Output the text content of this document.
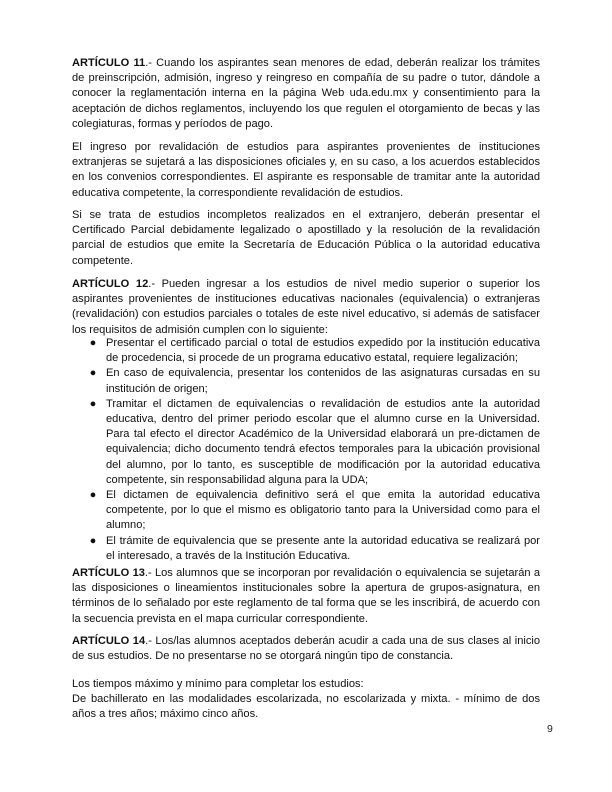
ARTÍCULO 11.- Cuando los aspirantes sean menores de edad, deberán realizar los trámites de preinscripción, admisión, ingreso y reingreso en compañía de su padre o tutor, dándole a conocer la reglamentación interna en la página Web uda.edu.mx y consentimiento para la aceptación de dichos reglamentos, incluyendo los que regulen el otorgamiento de becas y las colegiaturas, formas y períodos de pago.

El ingreso por revalidación de estudios para aspirantes provenientes de instituciones extranjeras se sujetará a las disposiciones oficiales y, en su caso, a los acuerdos establecidos en los convenios correspondientes. El aspirante es responsable de tramitar ante la autoridad educativa competente, la correspondiente revalidación de estudios.

Si se trata de estudios incompletos realizados en el extranjero, deberán presentar el Certificado Parcial debidamente legalizado o apostillado y la resolución de la revalidación parcial de estudios que emite la Secretaría de Educación Pública o la autoridad educativa competente.

ARTÍCULO 12.- Pueden ingresar a los estudios de nivel medio superior o superior los aspirantes provenientes de instituciones educativas nacionales (equivalencia) o extranjeras (revalidación) con estudios parciales o totales de este nivel educativo, si además de satisfacer los requisitos de admisión cumplen con lo siguiente:

● Presentar el certificado parcial o total de estudios expedido por la institución educativa de procedencia, si procede de un programa educativo estatal, requiere legalización;
● En caso de equivalencia, presentar los contenidos de las asignaturas cursadas en su institución de origen;
● Tramitar el dictamen de equivalencias o revalidación de estudios ante la autoridad educativa, dentro del primer periodo escolar que el alumno curse en la Universidad. Para tal efecto el director Académico de la Universidad elaborará un pre-dictamen de equivalencia; dicho documento tendrá efectos temporales para la ubicación provisional del alumno, por lo tanto, es susceptible de modificación por la autoridad educativa competente, sin responsabilidad alguna para la UDA;
● El dictamen de equivalencia definitivo será el que emita la autoridad educativa competente, por lo que el mismo es obligatorio tanto para la Universidad como para el alumno;
● El trámite de equivalencia que se presente ante la autoridad educativa se realizará por el interesado, a través de la Institución Educativa.

ARTÍCULO 13.- Los alumnos que se incorporan por revalidación o equivalencia se sujetarán a las disposiciones o lineamientos institucionales sobre la apertura de grupos-asignatura, en términos de lo señalado por este reglamento de tal forma que se les inscribirá, de acuerdo con la secuencia prevista en el mapa curricular correspondiente.

ARTÍCULO 14.- Los/las alumnos aceptados deberán acudir a cada una de sus clases al inicio de sus estudios. De no presentarse no se otorgará ningún tipo de constancia.

Los tiempos máximo y mínimo para completar los estudios:
De bachillerato en las modalidades escolarizada, no escolarizada y mixta. - mínimo de dos años a tres años; máximo cinco años.

9
